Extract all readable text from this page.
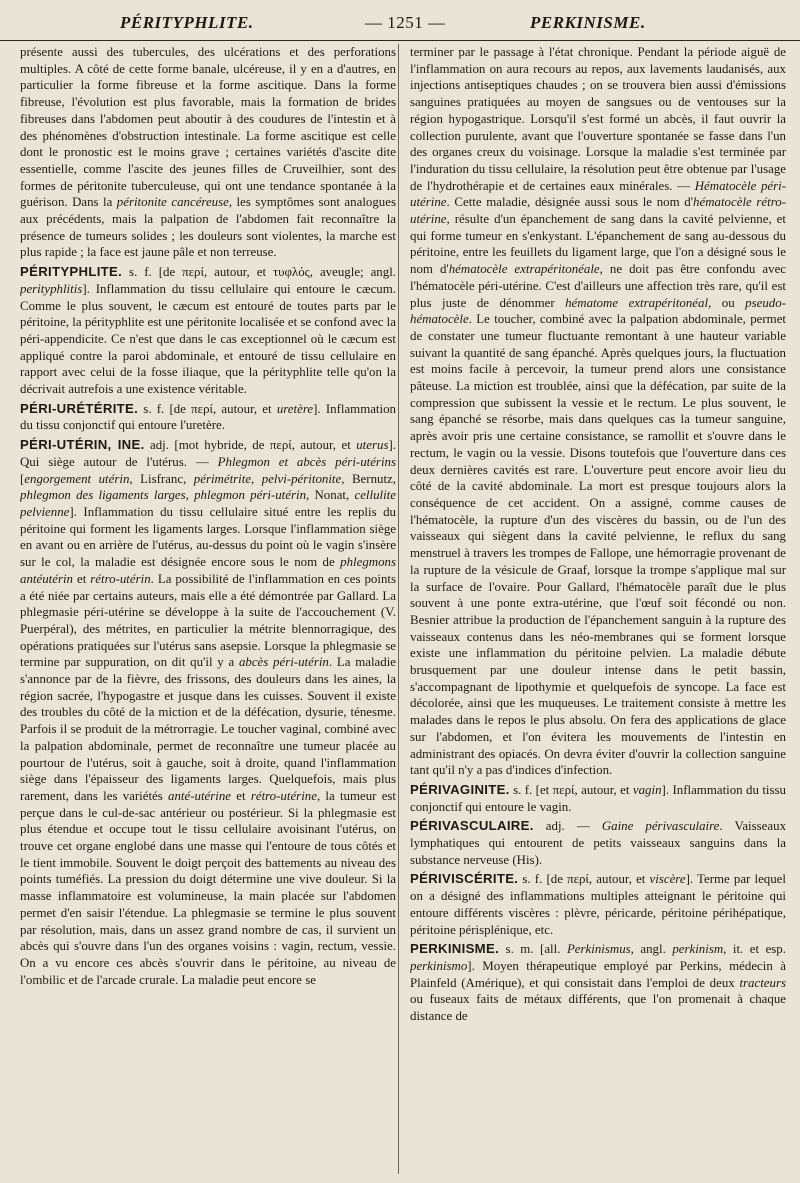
PÉRITYPHLITE.	— 1251 —	PERKINISME.

présente aussi des tubercules, des ulcérations et des perforations multiples. A côté de cette forme banale, ulcéreuse, il y en a d'autres, en particulier la forme fibreuse et la forme ascitique. Dans la forme fibreuse, l'évolution est plus favorable, mais la formation de brides fibreuses dans l'abdomen peut aboutir à des coudures de l'intestin et à des phénomènes d'obstruction intestinale. La forme ascitique est celle dont le pronostic est le moins grave ; certaines variétés d'ascite dite essentielle, comme l'ascite des jeunes filles de Cruveilhier, sont des formes de péritonite tuberculeuse, qui ont une tendance spontanée à la guérison. Dans la péritonite cancéreuse, les symptômes sont analogues aux précédents, mais la palpation de l'abdomen fait reconnaître la présence de tumeurs solides ; les douleurs sont violentes, la marche est plus rapide ; la face est jaune pâle et non terreuse.

PÉRITYPHLITE. s. f. [de περί, autour, et τυφλός, aveugle; angl. perityphlitis]. Inflammation du tissu cellulaire qui entoure le cæcum. Comme le plus souvent, le cæcum est entouré de toutes parts par le péritoine, la pérityphlite est une péritonite localisée et se confond avec la péri-appendicite. Ce n'est que dans le cas exceptionnel où le cæcum est appliqué contre la paroi abdominale, et entouré de tissu cellulaire en rapport avec celui de la fosse iliaque, que la pérityphlite telle qu'on la décrivait autrefois a une existence véritable.

PÉRI-URÉTÉRITE. s. f. [de περί, autour, et uretère]. Inflammation du tissu conjonctif qui entoure l'uretère.

PÉRI-UTÉRIN, INE. adj. [mot hybride, de περί, autour, et uterus]. Qui siège autour de l'utérus. — Phlegmon et abcès péri-utérins [engorgement utérin, Lisfranc, périmétrite, pelvi-péritonite, Bernutz, phlegmon des ligaments larges, phlegmon péri-utérin, Nonat, cellulite pelvienne]. Inflammation du tissu cellulaire situé entre les replis du péritoine qui forment les ligaments larges. Lorsque l'inflammation siège en avant ou en arrière de l'utérus, au-dessus du point où le vagin s'insère sur le col, la maladie est désignée encore sous le nom de phlegmons antéutérin et rétro-utérin. La possibilité de l'inflammation en ces points a été niée par certains auteurs, mais elle a été démontrée par Gallard. La phlegmasie péri-utérine se développe à la suite de l'accouchement (V. Puerpéral), des métrites, en particulier la métrite blennorragique, des opérations pratiquées sur l'utérus sans asepsie. Lorsque la phlegmasie se termine par suppuration, on dit qu'il y a abcès péri-utérin. La maladie s'annonce par de la fièvre, des frissons, des douleurs dans les aines, la région sacrée, l'hypogastre et jusque dans les cuisses. Souvent il existe des troubles du côté de la miction et de la défécation, dysurie, ténesme. Parfois il se produit de la métrorragie. Le toucher vaginal, combiné avec la palpation abdominale, permet de reconnaître une tumeur placée au pourtour de l'utérus, soit à gauche, soit à droite, quand l'inflammation siège dans l'épaisseur des ligaments larges. Quelquefois, mais plus rarement, dans les variétés anté-utérine et rétro-utérine, la tumeur est perçue dans le cul-de-sac antérieur ou postérieur. Si la phlegmasie est plus étendue et occupe tout le tissu cellulaire avoisinant l'utérus, on trouve cet organe englobé dans une masse qui l'entoure de tous côtés et le tient immobile. Souvent le doigt perçoit des battements au niveau des points tuméfiés. La pression du doigt détermine une vive douleur. Si la masse inflammatoire est volumineuse, la main placée sur l'abdomen permet d'en saisir l'étendue. La phlegmasie se termine le plus souvent par résolution, mais, dans un assez grand nombre de cas, il survient un abcès qui s'ouvre dans l'un des organes voisins : vagin, rectum, vessie. On a vu encore ces abcès s'ouvrir dans le péritoine, au niveau de l'ombilic et de l'arcade crurale. La maladie peut encore se

terminer par le passage à l'état chronique. Pendant la période aiguë de l'inflammation on aura recours au repos, aux lavements laudanisés, aux injections antiseptiques chaudes ; on se trouvera bien aussi d'émissions sanguines pratiquées au moyen de sangsues ou de ventouses sur la région hypogastrique. Lorsqu'il s'est formé un abcès, il faut ouvrir la collection purulente, avant que l'ouverture spontanée se fasse dans l'un des organes creux du voisinage. Lorsque la maladie s'est terminée par l'induration du tissu cellulaire, la résolution peut être obtenue par l'usage de l'hydrothérapie et de certaines eaux minérales. — Hématocèle péri-utérine. Cette maladie, désignée aussi sous le nom d'hématocèle rétro-utérine, résulte d'un épanchement de sang dans la cavité pelvienne, et qui forme tumeur en s'enkystant. L'épanchement de sang au-dessous du péritoine, entre les feuillets du ligament large, que l'on a désigné sous le nom d'hématocèle extrapéritonéale, ne doit pas être confondu avec l'hématocèle péri-utérine. C'est d'ailleurs une affection très rare, qu'il est plus juste de dénommer hématome extrapéritonéal, ou pseudo-hématocèle. Le toucher, combiné avec la palpation abdominale, permet de constater une tumeur fluctuante remontant à une hauteur variable suivant la quantité de sang épanché. Après quelques jours, la fluctuation est moins facile à percevoir, la tumeur prend alors une consistance pâteuse. La miction est troublée, ainsi que la défécation, par suite de la compression que subissent la vessie et le rectum. Le plus souvent, le sang épanché se résorbe, mais dans quelques cas la tumeur sanguine, après avoir pris une certaine consistance, se ramollit et s'ouvre dans le rectum, le vagin ou la vessie. Disons toutefois que l'ouverture dans ces deux dernières cavités est rare. L'ouverture peut encore avoir lieu du côté de la cavité abdominale. La mort est presque toujours alors la conséquence de cet accident. On a assigné, comme causes de l'hématocèle, la rupture d'un des viscères du bassin, ou de l'un des vaisseaux qui siègent dans la cavité pelvienne, le reflux du sang menstruel à travers les trompes de Fallope, une hémorragie provenant de la rupture de la vésicule de Graaf, lorsque la trompe s'applique mal sur la surface de l'ovaire. Pour Gallard, l'hématocèle paraît due le plus souvent à une ponte extra-utérine, que l'œuf soit fécondé ou non. Besnier attribue la production de l'épanchement sanguin à la rupture des vaisseaux contenus dans les néo-membranes qui se forment lorsque existe une inflammation du péritoine pelvien. La maladie débute brusquement par une douleur intense dans le petit bassin, s'accompagnant de lipothymie et quelquefois de syncope. La face est décolorée, ainsi que les muqueuses. Le traitement consiste à mettre les malades dans le repos le plus absolu. On fera des applications de glace sur l'abdomen, et l'on évitera les mouvements de l'intestin en administrant des opiacés. On devra éviter d'ouvrir la collection sanguine tant qu'il n'y a pas d'indices d'infection.

PÉRIVAGINITE. s. f. [et περί, autour, et vagin]. Inflammation du tissu conjonctif qui entoure le vagin.

PÉRIVASCULAIRE. adj. — Gaine périvasculaire. Vaisseaux lymphatiques qui entourent de petits vaisseaux sanguins dans la substance nerveuse (His).

PÉRIVISCÉRITE. s. f. [de περί, autour, et viscère]. Terme par lequel on a désigné des inflammations multiples atteignant le péritoine qui entoure différents viscères : plèvre, péricarde, péritoine périhépatique, péritoine périsplénique, etc.

PERKINISME. s. m. [all. Perkinismus, angl. perkinism, it. et esp. perkinismo]. Moyen thérapeutique employé par Perkins, médecin à Plainfeld (Amérique), et qui consistait dans l'emploi de deux tracteurs ou fuseaux faits de métaux différents, que l'on promenait à chaque distance de
